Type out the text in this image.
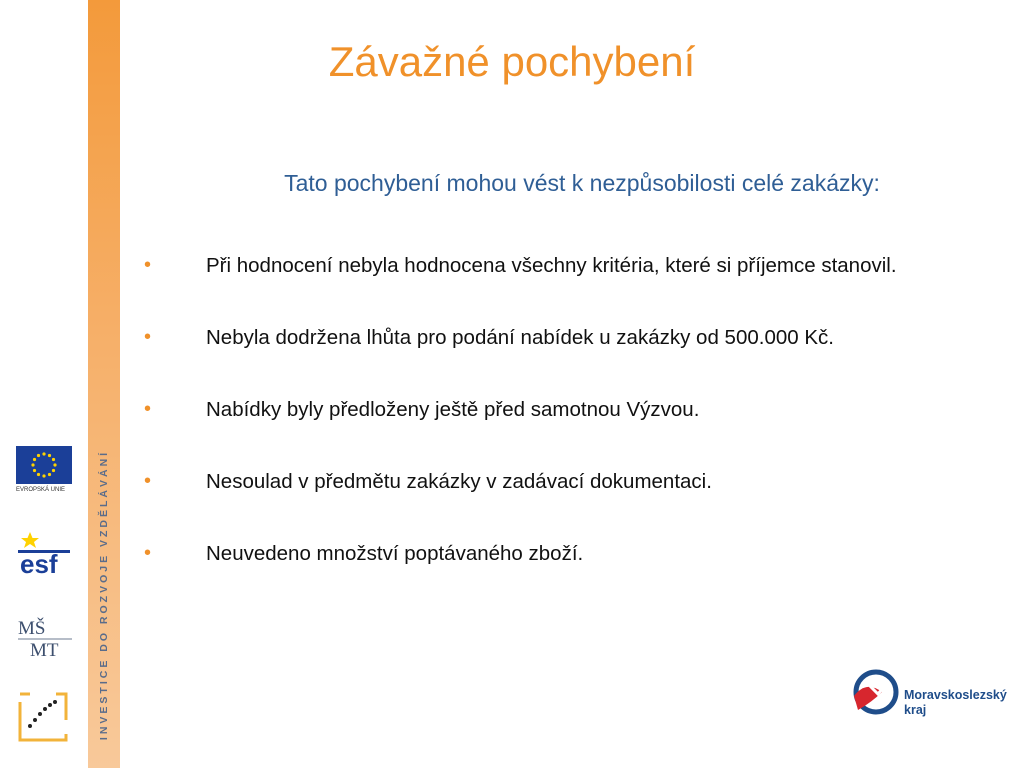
INVESTICE DO ROZVOJE VZDĚLÁVÁNÍ
Závažné pochybení
Tato pochybení mohou vést k nezpůsobilosti celé zakázky:
•	Při hodnocení nebyla hodnocena všechny kritéria, které si příjemce stanovil.
•	Nebyla dodržena lhůta pro podání nabídek u zakázky od 500.000 Kč.
•	Nabídky byly předloženy ještě před samotnou Výzvou.
•	Nesoulad v předmětu zakázky v zadávací dokumentaci.
•	Neuvedeno množství poptávaného zboží.
EVROPSKÁ UNIE
esf
MŠ
MT
Moravskoslezský
kraj
